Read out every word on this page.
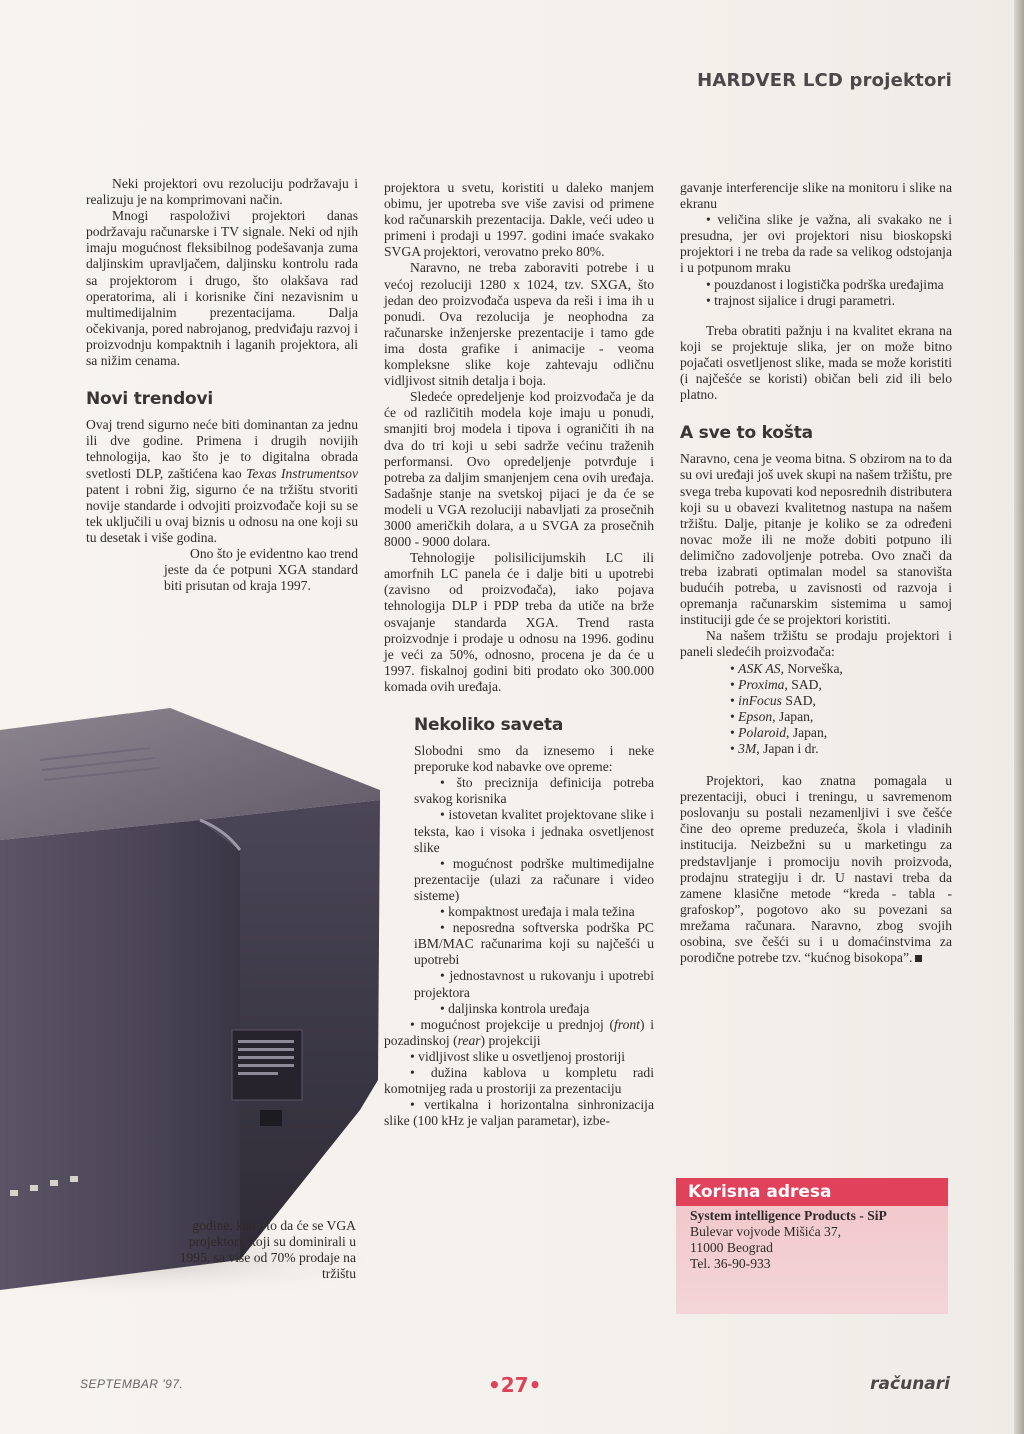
HARDVER LCD projektori

Neki projektori ovu rezoluciju podržavaju i realizuju je na komprimovani način.

Mnogi raspoloživi projektori danas podržavaju računarske i TV signale. Neki od njih imaju mogućnost fleksibilnog podešavanja zuma daljinskim upravljačem, daljinsku kontrolu rada sa projektorom i drugo, što olakšava rad operatorima, ali i korisnike čini nezavisnim u multimedijalnim prezentacijama. Dalja očekivanja, pored nabrojanog, predviđaju razvoj i proizvodnju kompaktnih i laganih projektora, ali sa nižim cenama.

Novi trendovi

Ovaj trend sigurno neće biti dominantan za jednu ili dve godine. Primena i drugih novijih tehnologija, kao što je to digitalna obrada svetlosti DLP, zaštićena kao Texas Instrumentsov patent i robni žig, sigurno će na tržištu stvoriti novije standarde i odvojiti proizvođače koji su se tek uključili u ovaj biznis u odnosu na one koji su tu desetak i više godina.

Ono što je evidentno kao trend jeste da će potpuni XGA standard biti prisutan od kraja 1997.

godine, kao i to da će se VGA projektori, koji su dominirali u 1995. sa više od 70% prodaje na tržištu

projektora u svetu, koristiti u daleko manjem obimu, jer upotreba sve više zavisi od primene kod računarskih prezentacija. Dakle, veći udeo u primeni i prodaji u 1997. godini imaće svakako SVGA projektori, verovatno preko 80%.

Naravno, ne treba zaboraviti potrebe i u većoj rezoluciji 1280 x 1024, tzv. SXGA, što jedan deo proizvođača uspeva da reši i ima ih u ponudi. Ova rezolucija je neophodna za računarske inženjerske prezentacije i tamo gde ima dosta grafike i animacije - veoma kompleksne slike koje zahtevaju odličnu vidljivost sitnih detalja i boja.

Sledeće opredeljenje kod proizvođača je da će od različitih modela koje imaju u ponudi, smanjiti broj modela i tipova i ograničiti ih na dva do tri koji u sebi sadrže većinu traženih performansi. Ovo opredeljenje potvrđuje i potreba za daljim smanjenjem cena ovih uređaja. Sadašnje stanje na svetskoj pijaci je da će se modeli u VGA rezoluciji nabavljati za prosečnih 3000 američkih dolara, a u SVGA za prosečnih 8000 - 9000 dolara.

Tehnologije polisilicijumskih LC ili amorfnih LC panela će i dalje biti u upotrebi (zavisno od proizvođača), iako pojava tehnologija DLP i PDP treba da utiče na brže osvajanje standarda XGA. Trend rasta proizvodnje i prodaje u odnosu na 1996. godinu je veći za 50%, odnosno, procena je da će u 1997. fiskalnoj godini biti prodato oko 300.000 komada ovih uređaja.

Nekoliko saveta

Slobodni smo da iznesemo i neke preporuke kod nabavke ove opreme:

• što preciznija definicija potreba svakog korisnika

• istovetan kvalitet projektovane slike i teksta, kao i visoka i jednaka osvetljenost slike

• mogućnost podrške multimedijalne prezentacije (ulazi za računare i video sisteme)

• kompaktnost uređaja i mala težina

• neposredna softverska podrška PC iBM/MAC računarima koji su najčešći u upotrebi

• jednostavnost u rukovanju i upotrebi projektora

• daljinska kontrola uređaja

• mogućnost projekcije u prednjoj (front) i pozadinskoj (rear) projekciji

• vidljivost slike u osvetljenoj prostoriji

• dužina kablova u kompletu radi komotnijeg rada u prostoriji za prezentaciju

• vertikalna i horizontalna sinhronizacija slike (100 kHz je valjan parametar), izbe-

gavanje interferencije slike na monitoru i slike na ekranu

• veličina slike je važna, ali svakako ne i presudna, jer ovi projektori nisu bioskopski projektori i ne treba da rade sa velikog odstojanja i u potpunom mraku

• pouzdanost i logistička podrška uređajima

• trajnost sijalice i drugi parametri.

Treba obratiti pažnju i na kvalitet ekrana na koji se projektuje slika, jer on može bitno pojačati osvetljenost slike, mada se može koristiti (i najčešće se koristi) običan beli zid ili belo platno.

A sve to košta

Naravno, cena je veoma bitna. S obzirom na to da su ovi uređaji još uvek skupi na našem tržištu, pre svega treba kupovati kod neposrednih distributera koji su u obavezi kvalitetnog nastupa na našem tržištu. Dalje, pitanje je koliko se za određeni novac može ili ne može dobiti potpuno ili delimično zadovoljenje potreba. Ovo znači da treba izabrati optimalan model sa stanovišta budućih potreba, u zavisnosti od razvoja i opremanja računarskim sistemima u samoj instituciji gde će se projektori koristiti.

Na našem tržištu se prodaju projektori i paneli sledećih proizvođača:

• ASK AS, Norveška,

• Proxima, SAD,

• inFocus SAD,

• Epson, Japan,

• Polaroid, Japan,

• 3M, Japan i dr.

Projektori, kao znatna pomagala u prezentaciji, obuci i treningu, u savremenom poslovanju su postali nezamenljivi i sve češće čine deo opreme preduzeća, škola i vladinih institucija. Neizbežni su u marketingu za predstavljanje i promociju novih proizvoda, prodajnu strategiju i dr. U nastavi treba da zamene klasične metode “kreda - tabla - grafoskop”, pogotovo ako su povezani sa mrežama računara. Naravno, zbog svojih osobina, sve češći su i u domaćinstvima za porodične potrebe tzv. “kućnog bisokopa”.

Korisna adresa
System intelligence Products - SiP
Bulevar vojvode Mišića 37,
11000 Beograd
Tel. 36-90-933
SEPTEMBAR '97.	•27•	računari
